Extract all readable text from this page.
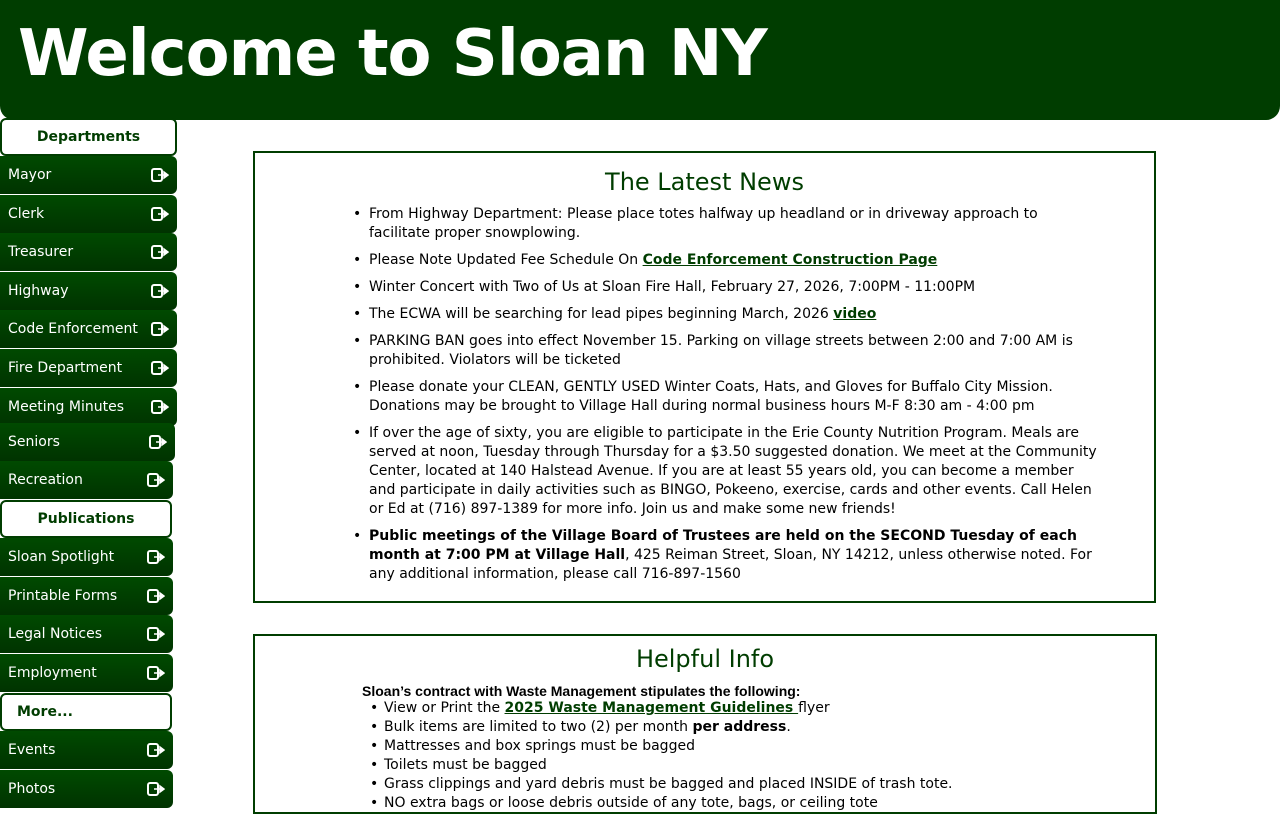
Welcome to Sloan NY
Departments
Mayor
Clerk
Treasurer
Highway
Code Enforcement
Fire Department
Meeting Minutes
Seniors
Recreation
Publications
Sloan Spotlight
Printable Forms
Legal Notices
Employment
More...
Events
Photos
The Latest News
• From Highway Department: Please place totes halfway up headland or in driveway approach to facilitate proper snowplowing.
• Please Note Updated Fee Schedule On Code Enforcement Construction Page
• Winter Concert with Two of Us at Sloan Fire Hall, February 27, 2026, 7:00PM - 11:00PM
• The ECWA will be searching for lead pipes beginning March, 2026 video
• PARKING BAN goes into effect November 15. Parking on village streets between 2:00 and 7:00 AM is prohibited. Violators will be ticketed
• Please donate your CLEAN, GENTLY USED Winter Coats, Hats, and Gloves for Buffalo City Mission. Donations may be brought to Village Hall during normal business hours M-F 8:30 am - 4:00 pm
• If over the age of sixty, you are eligible to participate in the Erie County Nutrition Program. Meals are served at noon, Tuesday through Thursday for a $3.50 suggested donation. We meet at the Community Center, located at 140 Halstead Avenue. If you are at least 55 years old, you can become a member and participate in daily activities such as BINGO, Pokeeno, exercise, cards and other events. Call Helen or Ed at (716) 897-1389 for more info. Join us and make some new friends!
• Public meetings of the Village Board of Trustees are held on the SECOND Tuesday of each month at 7:00 PM at Village Hall, 425 Reiman Street, Sloan, NY 14212, unless otherwise noted. For any additional information, please call 716-897-1560
Helpful Info
Sloan’s contract with Waste Management stipulates the following:
• View or Print the 2025 Waste Management Guidelines flyer
• Bulk items are limited to two (2) per month per address.
• Mattresses and box springs must be bagged
• Toilets must be bagged
• Grass clippings and yard debris must be bagged and placed INSIDE of trash tote.
• NO extra bags or loose debris outside of any tote, bags, or ceiling tote
